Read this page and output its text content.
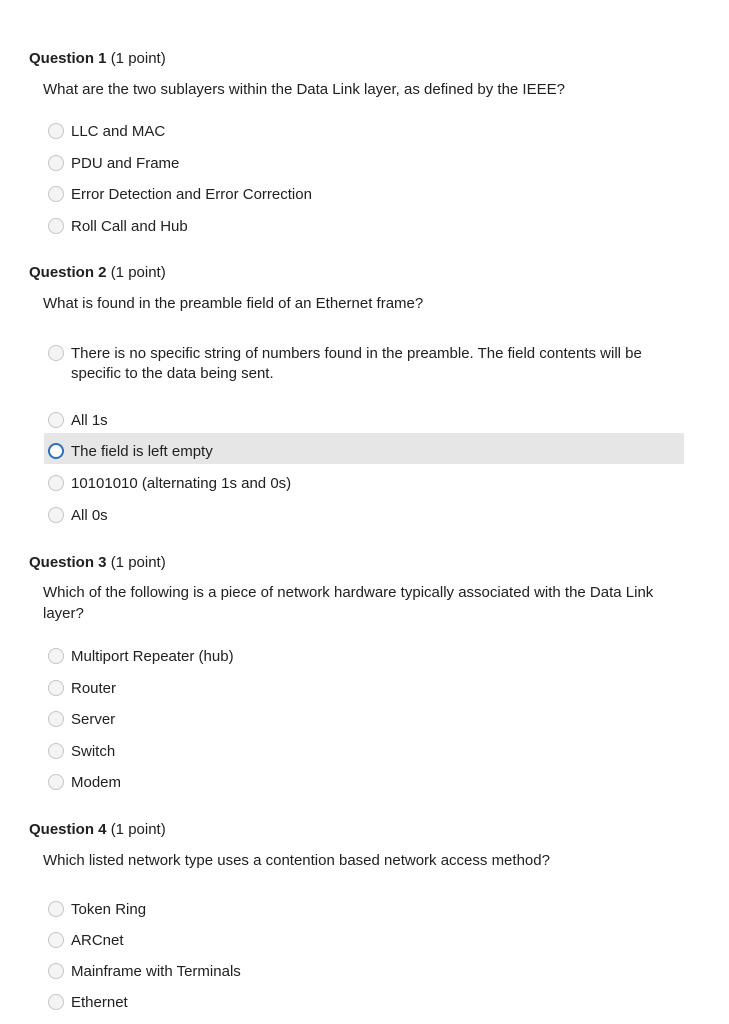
Question 1 (1 point)
What are the two sublayers within the Data Link layer, as defined by the IEEE?
LLC and MAC
PDU and Frame
Error Detection and Error Correction
Roll Call and Hub
Question 2 (1 point)
What is found in the preamble field of an Ethernet frame?
There is no specific string of numbers found in the preamble. The field contents will be specific to the data being sent.
All 1s
The field is left empty
10101010 (alternating 1s and 0s)
All 0s
Question 3 (1 point)
Which of the following is a piece of network hardware typically associated with the Data Link layer?
Multiport Repeater (hub)
Router
Server
Switch
Modem
Question 4 (1 point)
Which listed network type uses a contention based network access method?
Token Ring
ARCnet
Mainframe with Terminals
Ethernet
